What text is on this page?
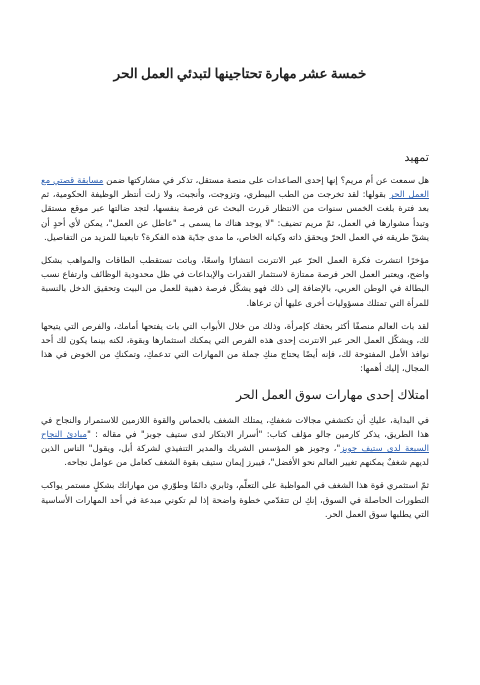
خمسة عشر مهارة تحتاجينها لتبدئي العمل الحر
تمهيد

هل سمعت عن أم مريم؟ إنها إحدى الصاعدات على منصة مستقل، تذكر في مشاركتها ضمن مسابقة قصتي مع العمل الحر بقولها: لقد تخرجت من الطب البيطري، وتزوجت، وأنجبت، ولا زلت أنتظر الوظيفة الحكومية، ثم بعد فترة بلغت الخمس سنوات من الانتظار قررت البحث عن فرصة بنفسها، لتجد ضالتها عبر موقع مستقل وتبدأ مشوارها في العمل، ثمّ مريم تضيف: "لا يوجد هناك ما يسمى بـ "عاطل عن العمل"، يمكن لأي أحدٍ أن يشقّ طريقه في العمل الحرّ ويحقق ذاته وكيانه الخاص، ما مدى جدّية هذه الفكرة؟ تابعينا للمزيد من التفاصيل.

مؤخرًا انتشرت فكرة العمل الحرّ عبر الانترنت انتشارًا واسعًا، وباتت تستقطب الطاقات والمواهب بشكل واضح، ويعتبر العمل الحر فرصة ممتازة لاستثمار القدرات والإبداعات في ظل محدودية الوظائف وارتفاع نسب البطالة في الوطن العربي، بالإضافة إلى ذلك فهو يشكّل فرصة ذهبية للعمل من البيت وتحقيق الدخل بالنسبة للمرأة التي تمتلك مسؤوليات أخرى عليها أن ترعاها.

لقد بات العالم منصفًا أكثر بحقك كإمرأة، وذلك من خلال الأبواب التي بات يفتحها أمامك، والفرص التي يتيحها لك، ويشكّل العمل الحر عبر الانترنت إحدى هذه الفرص التي يمكنك استثمارها وبقوة، لكنه بينما يكون لك أحد نوافذ الأمل المفتوحة لك، فإنه أيضًا يحتاج منكِ جملة من المهارات التي تدعمكِ، وتمكنكِ من الخوض في هذا المجال، إليك أهمها:

امتلاك إحدى مهارات سوق العمل الحر

في البداية، عليكِ أن تكتشفي مجالات شغفكِ، يمتلك الشغف بالحماس والقوة اللازمين للاستمرار والنجاح في هذا الطريق، يذكر كارمين جالو مؤلف كتاب: "أسرار الابتكار لدى ستيف جوبز" في مقاله : "مبادئ النجاح السبعة لدى ستيف جوبز"، وجوبز هو المؤسس الشريك والمدير التنفيذي لشركة أبل، ويقول" الناس الذين لديهم شغفٌ يمكنهم تغيير العالم نحو الأفضل"، فيبرز إيمان ستيف بقوة الشغف كعامل من عوامل نجاحه.

ثمّ استثمري قوة هذا الشغف في المواظبة على التعلّم، وثابري دائمًا وطوّري من مهاراتك بشكلٍ مستمر يواكب التطورات الحاصلة في السوق، إنكِ لن تتقدّمي خطوة واضحة إذا لم تكوني مبدعة في أحد المهارات الأساسية التي يطلبها سوق العمل الحر.
